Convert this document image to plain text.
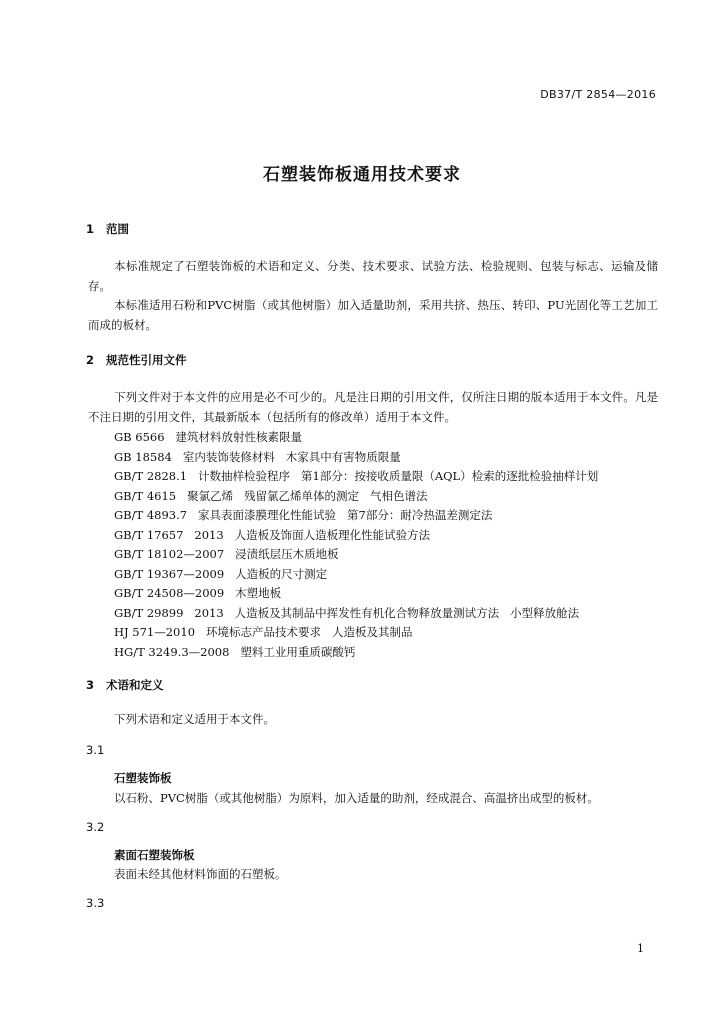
DB37/T 2854—2016
石塑装饰板通用技术要求
1 范围
本标准规定了石塑装饰板的术语和定义、分类、技术要求、试验方法、检验规则、包装与标志、运输及储存。
本标准适用石粉和PVC树脂（或其他树脂）加入适量助剂，采用共挤、热压、转印、PU光固化等工艺加工而成的板材。
2 规范性引用文件
下列文件对于本文件的应用是必不可少的。凡是注日期的引用文件，仅所注日期的版本适用于本文件。凡是不注日期的引用文件，其最新版本（包括所有的修改单）适用于本文件。
GB 6566   建筑材料放射性核素限量
GB 18584   室内装饰装修材料   木家具中有害物质限量
GB/T 2828.1   计数抽样检验程序   第1部分：按接收质量限（AQL）检索的逐批检验抽样计划
GB/T 4615   聚氯乙烯   残留氯乙烯单体的测定   气相色谱法
GB/T 4893.7   家具表面漆膜理化性能试验   第7部分：耐冷热温差测定法
GB/T 17657   2013   人造板及饰面人造板理化性能试验方法
GB/T 18102—2007   浸渍纸层压木质地板
GB/T 19367—2009   人造板的尺寸测定
GB/T 24508—2009   木塑地板
GB/T 29899   2013   人造板及其制品中挥发性有机化合物释放量测试方法   小型释放舱法
HJ 571—2010   环境标志产品技术要求   人造板及其制品
HG/T 3249.3—2008   塑料工业用重质碳酸钙
3 术语和定义
下列术语和定义适用于本文件。
3.1
石塑装饰板
以石粉、PVC树脂（或其他树脂）为原料，加入适量的助剂，经成混合、高温挤出成型的板材。
3.2
素面石塑装饰板
表面未经其他材料饰面的石塑板。
3.3
1
